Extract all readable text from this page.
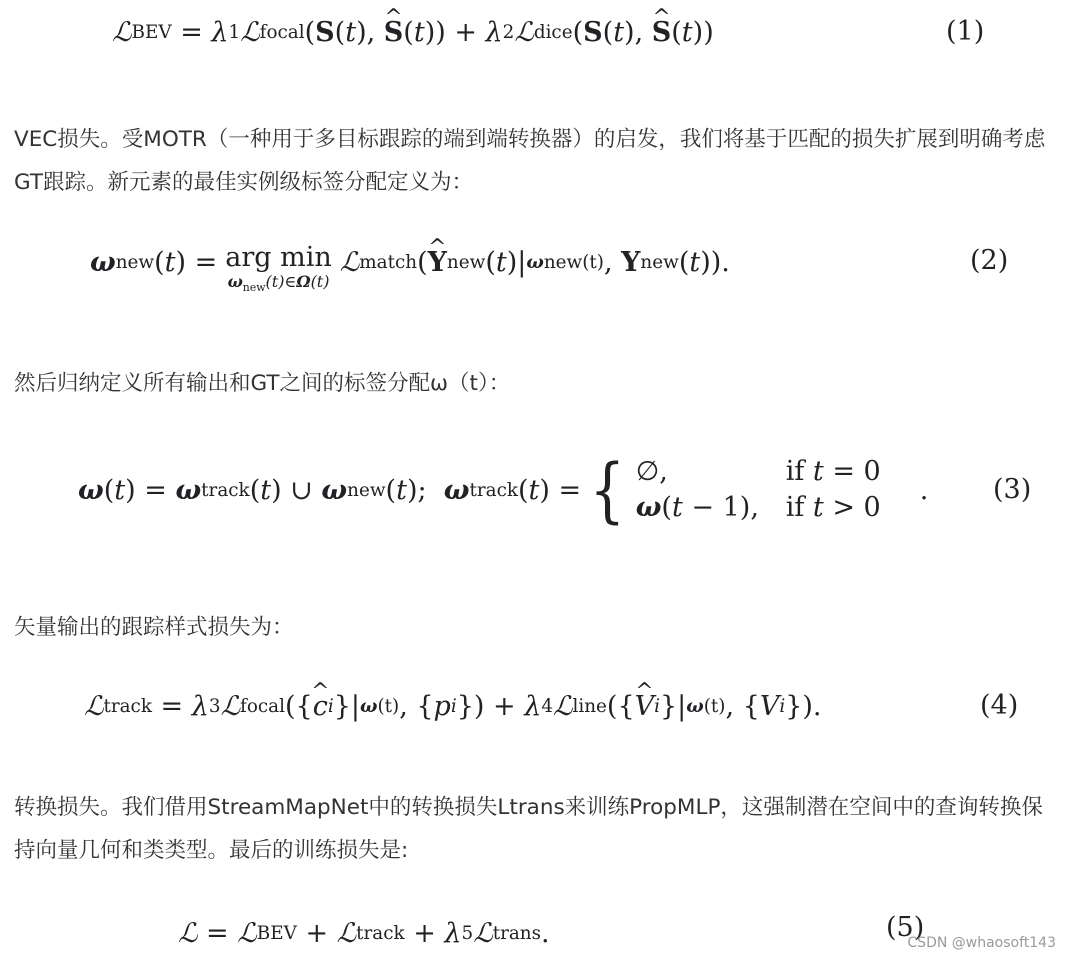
ℒ BEV = λ 1 ℒ focal ( S ( t ), ^ S ( t )) + λ 2 ℒ dice ( S ( t ), ^ S ( t ))	(1)
VEC损失。受MOTR（一种用于多目标跟踪的端到端转换器）的启发，我们将基于匹配的损失扩展到明确考虑GT跟踪。新元素的最佳实例级标签分配定义为：
ω new ( t ) = arg min
$\omega_{new}(t)\in\Omega(t)$
ℒ match ( ^ Y new ( t )| ωnew(t) , Y new ( t )).	(2)
然后归纳定义所有输出和GT之间的标签分配ω（t）：
ω ( t ) = ω track ( t ) ∪ ω new ( t ); ω track ( t ) = { ∅,	if t = 0
ω(t − 1), if t > 0
. (3)
矢量输出的跟踪样式损失为：
ℒ track = λ 3 ℒ focal ({ ^ c i }| ω(t) , { p i }) + λ 4 ℒ line ({ ^ V i }| ω(t) , { V i }).	(4)
转换损失。我们借用StreamMapNet中的转换损失Ltrans来训练PropMLP，这强制潜在空间中的查询转换保持向量几何和类类型。最后的训练损失是:
ℒ = ℒ BEV + ℒ track + λ 5 ℒ trans .	(5)
CSDN @whaosoft143
